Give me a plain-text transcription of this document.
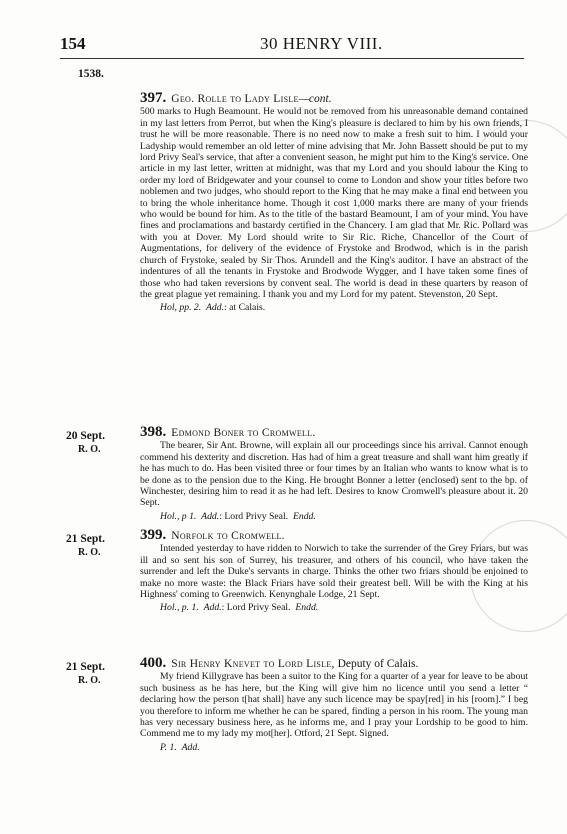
154	30 HENRY VIII.
1538.
397. Geo. Rolle to Lady Lisle—cont.

500 marks to Hugh Beamount. He would not be removed from his unreasonable demand contained in my last letters from Perrot, but when the King's pleasure is declared to him by his own friends, I trust he will be more reasonable. There is no need now to make a fresh suit to him. I would your Ladyship would remember an old letter of mine advising that Mr. John Bassett should be put to my lord Privy Seal's service, that after a convenient season, he might put him to the King's service. One article in my last letter, written at midnight, was that my Lord and you should labour the King to order my lord of Bridgewater and your counsel to come to London and show your titles before two noblemen and two judges, who should report to the King that he may make a final end between you to bring the whole inheritance home. Though it cost 1,000 marks there are many of your friends who would be bound for him. As to the title of the bastard Beamount, I am of your mind. You have fines and proclamations and bastardy certified in the Chancery. I am glad that Mr. Ric. Pollard was with you at Dover. My Lord should write to Sir Ric. Riche, Chancellor of the Court of Augmentations, for delivery of the evidence of Frystoke and Brodwod, which is in the parish church of Frystoke, sealed by Sir Thos. Arundell and the King's auditor. I have an abstract of the indentures of all the tenants in Frystoke and Brodwode Wygger, and I have taken some fines of those who had taken reversions by convent seal. The world is dead in these quarters by reason of the great plague yet remaining. I thank you and my Lord for my patent. Stevenston, 20 Sept.

Hol, pp. 2. Add.: at Calais.
20 Sept.
R. O.
398. Edmond Boner to Cromwell.

The bearer, Sir Ant. Browne, will explain all our proceedings since his arrival. Cannot enough commend his dexterity and discretion. Has had of him a great treasure and shall want him greatly if he has much to do. Has been visited three or four times by an Italian who wants to know what is to be done as to the pension due to the King. He brought Bonner a letter (enclosed) sent to the bp. of Winchester, desiring him to read it as he had left. Desires to know Cromwell's pleasure about it. 20 Sept.

Hol., p 1. Add.: Lord Privy Seal. Endd.
21 Sept.
R. O.
399. Norfolk to Cromwell.

Intended yesterday to have ridden to Norwich to take the surrender of the Grey Friars, but was ill and so sent his son of Surrey, his treasurer, and others of his council, who have taken the surrender and left the Duke's servants in charge. Thinks the other two friars should be enjoined to make no more waste: the Black Friars have sold their greatest bell. Will be with the King at his Highness' coming to Greenwich. Kenynghale Lodge, 21 Sept.

Hol., p. 1. Add.: Lord Privy Seal. Endd.
21 Sept.
R. O.
400. Sir Henry Knevet to Lord Lisle, Deputy of Calais.

My friend Killygrave has been a suitor to the King for a quarter of a year for leave to be about such business as he has here, but the King will give him no licence until you send a letter “ declaring how the person t[hat shall] have any such licence may be spay[red] in his [room].” I beg you therefore to inform me whether he can be spared, finding a person in his room. The young man has very necessary business here, as he informs me, and I pray your Lordship to be good to him. Commend me to my lady my mot[her]. Otford, 21 Sept. Signed.

P. 1. Add.
